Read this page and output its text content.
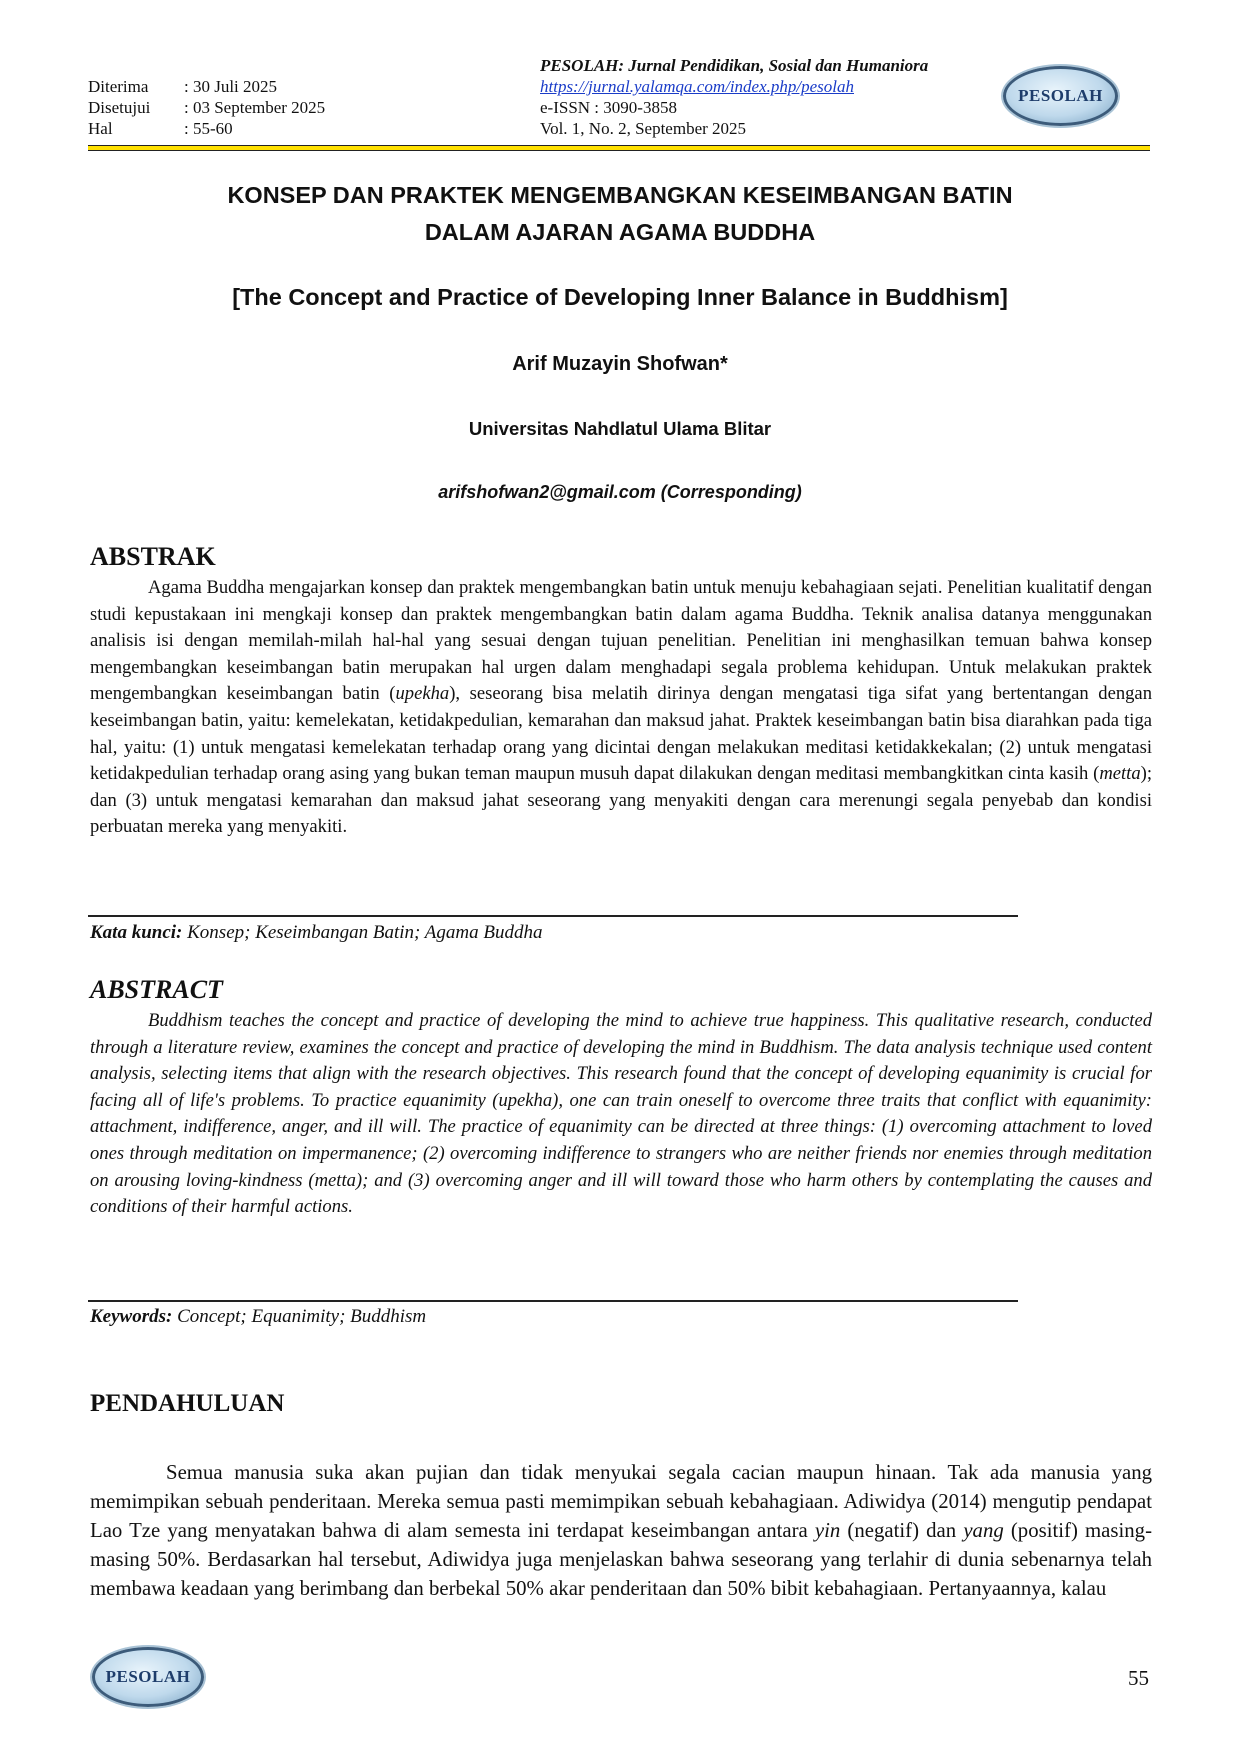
Diterima	: 30 Juli 2025
Disetujui	: 03 September 2025
Hal	: 55-60
PESOLAH: Jurnal Pendidikan, Sosial dan Humaniora
https://jurnal.yalamqa.com/index.php/pesolah
e-ISSN : 3090-3858
Vol. 1, No. 2, September 2025
PESOLAH
KONSEP DAN PRAKTEK MENGEMBANGKAN KESEIMBANGAN BATIN
DALAM AJARAN AGAMA BUDDHA
[The Concept and Practice of Developing Inner Balance in Buddhism]
Arif Muzayin Shofwan*
Universitas Nahdlatul Ulama Blitar
arifshofwan2@gmail.com (Corresponding)
ABSTRAK
Agama Buddha mengajarkan konsep dan praktek mengembangkan batin untuk menuju kebahagiaan sejati. Penelitian kualitatif dengan studi kepustakaan ini mengkaji konsep dan praktek mengembangkan batin dalam agama Buddha. Teknik analisa datanya menggunakan analisis isi dengan memilah-milah hal-hal yang sesuai dengan tujuan penelitian. Penelitian ini menghasilkan temuan bahwa konsep mengembangkan keseimbangan batin merupakan hal urgen dalam menghadapi segala problema kehidupan. Untuk melakukan praktek mengembangkan keseimbangan batin (upekha), seseorang bisa melatih dirinya dengan mengatasi tiga sifat yang bertentangan dengan keseimbangan batin, yaitu: kemelekatan, ketidakpedulian, kemarahan dan maksud jahat. Praktek keseimbangan batin bisa diarahkan pada tiga hal, yaitu: (1) untuk mengatasi kemelekatan terhadap orang yang dicintai dengan melakukan meditasi ketidakkekalan; (2) untuk mengatasi ketidakpedulian terhadap orang asing yang bukan teman maupun musuh dapat dilakukan dengan meditasi membangkitkan cinta kasih (metta); dan (3) untuk mengatasi kemarahan dan maksud jahat seseorang yang menyakiti dengan cara merenungi segala penyebab dan kondisi perbuatan mereka yang menyakiti.
Kata kunci: Konsep; Keseimbangan Batin; Agama Buddha
ABSTRACT
Buddhism teaches the concept and practice of developing the mind to achieve true happiness. This qualitative research, conducted through a literature review, examines the concept and practice of developing the mind in Buddhism. The data analysis technique used content analysis, selecting items that align with the research objectives. This research found that the concept of developing equanimity is crucial for facing all of life's problems. To practice equanimity (upekha), one can train oneself to overcome three traits that conflict with equanimity: attachment, indifference, anger, and ill will. The practice of equanimity can be directed at three things: (1) overcoming attachment to loved ones through meditation on impermanence; (2) overcoming indifference to strangers who are neither friends nor enemies through meditation on arousing loving-kindness (metta); and (3) overcoming anger and ill will toward those who harm others by contemplating the causes and conditions of their harmful actions.
Keywords: Concept; Equanimity; Buddhism
PENDAHULUAN
Semua manusia suka akan pujian dan tidak menyukai segala cacian maupun hinaan. Tak ada manusia yang memimpikan sebuah penderitaan. Mereka semua pasti memimpikan sebuah kebahagiaan. Adiwidya (2014) mengutip pendapat Lao Tze yang menyatakan bahwa di alam semesta ini terdapat keseimbangan antara yin (negatif) dan yang (positif) masing-masing 50%. Berdasarkan hal tersebut, Adiwidya juga menjelaskan bahwa seseorang yang terlahir di dunia sebenarnya telah membawa keadaan yang berimbang dan berbekal 50% akar penderitaan dan 50% bibit kebahagiaan. Pertanyaannya, kalau
PESOLAH	55
